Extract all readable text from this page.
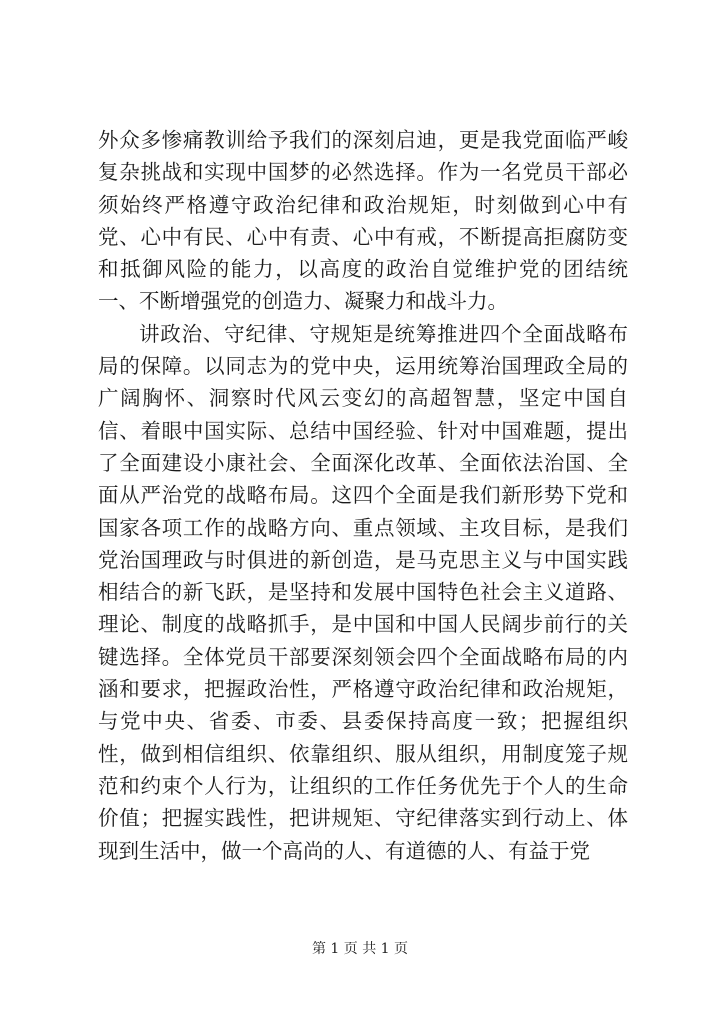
外众多惨痛教训给予我们的深刻启迪，更是我党面临严峻复杂挑战和实现中国梦的必然选择。作为一名党员干部必须始终严格遵守政治纪律和政治规矩，时刻做到心中有党、心中有民、心中有责、心中有戒，不断提高拒腐防变和抵御风险的能力，以高度的政治自觉维护党的团结统一、不断增强党的创造力、凝聚力和战斗力。

讲政治、守纪律、守规矩是统筹推进四个全面战略布局的保障。以同志为的党中央，运用统筹治国理政全局的广阔胸怀、洞察时代风云变幻的高超智慧，坚定中国自信、着眼中国实际、总结中国经验、针对中国难题，提出了全面建设小康社会、全面深化改革、全面依法治国、全面从严治党的战略布局。这四个全面是我们新形势下党和国家各项工作的战略方向、重点领域、主攻目标，是我们党治国理政与时俱进的新创造，是马克思主义与中国实践相结合的新飞跃，是坚持和发展中国特色社会主义道路、理论、制度的战略抓手，是中国和中国人民阔步前行的关键选择。全体党员干部要深刻领会四个全面战略布局的内涵和要求，把握政治性，严格遵守政治纪律和政治规矩，与党中央、省委、市委、县委保持高度一致；把握组织性，做到相信组织、依靠组织、服从组织，用制度笼子规范和约束个人行为，让组织的工作任务优先于个人的生命价值；把握实践性，把讲规矩、守纪律落实到行动上、体现到生活中，做一个高尚的人、有道德的人、有益于党

第 1 页 共 1 页
